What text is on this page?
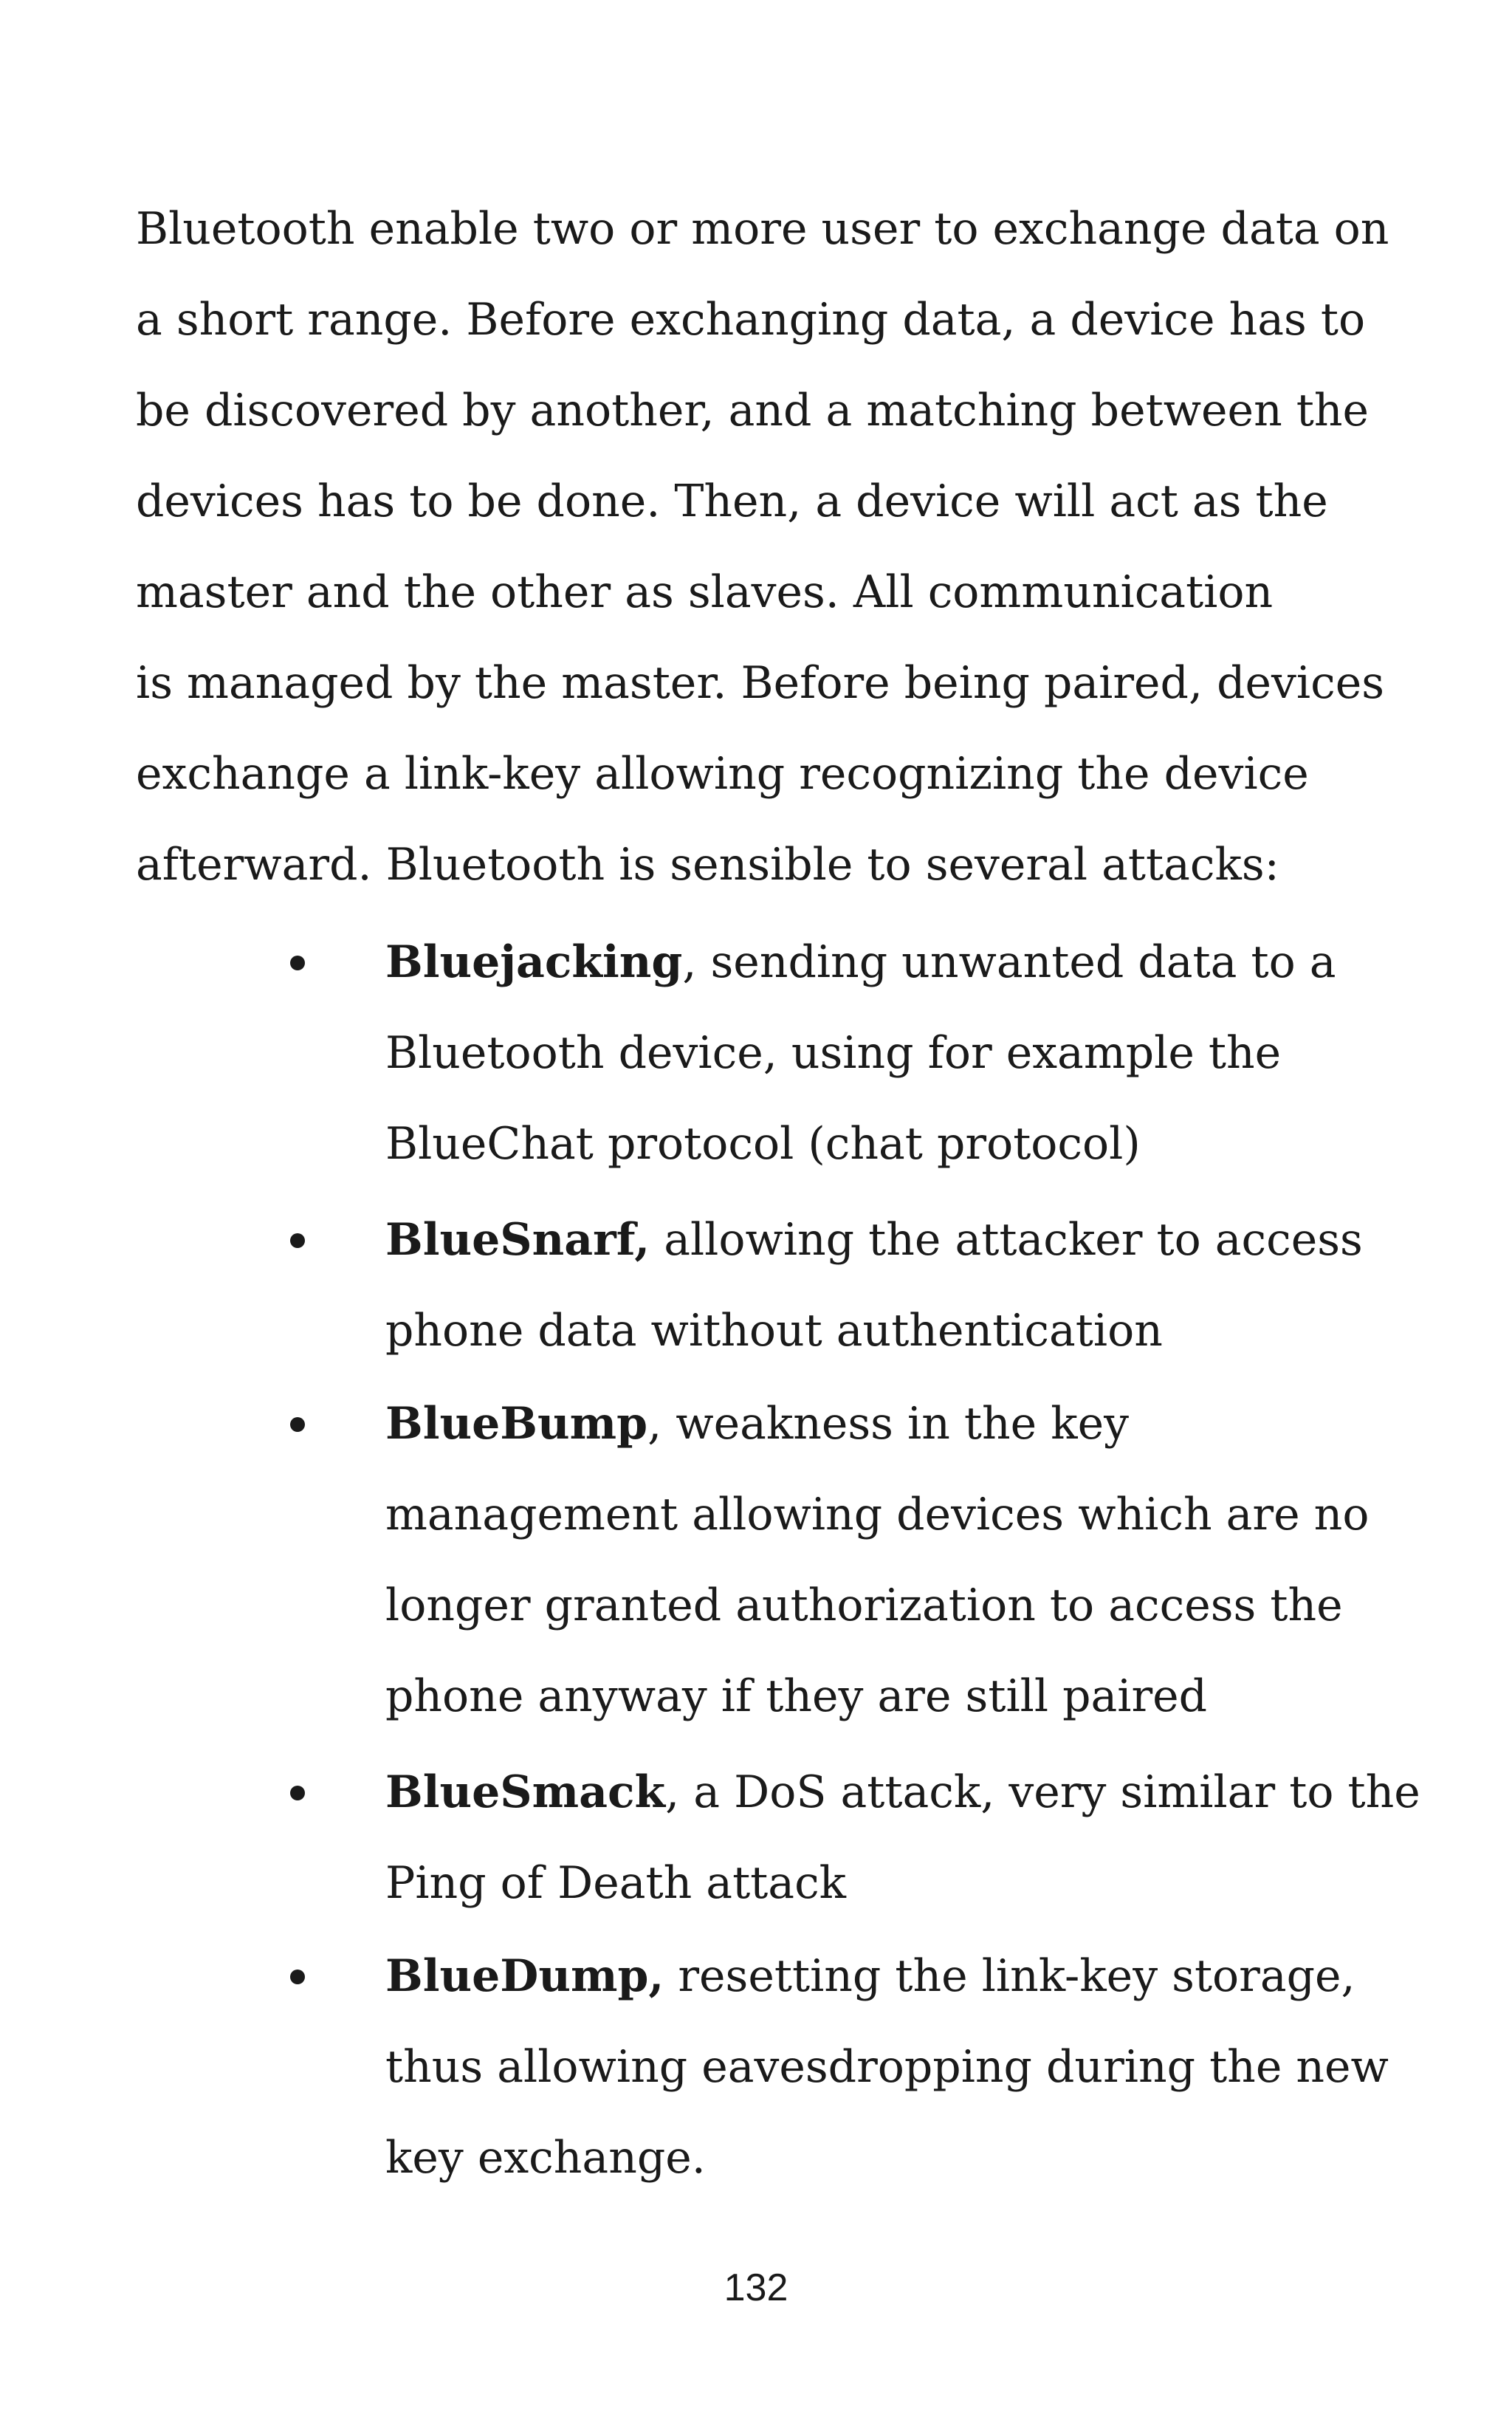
Bluetooth enable two or more user to exchange data on
a short range. Before exchanging data, a device has to
be discovered by another, and a matching between the
devices has to be done. Then, a device will act as the
master and the other as slaves. All communication
is managed by the master. Before being paired, devices
exchange a link-key allowing recognizing the device
afterward. Bluetooth is sensible to several attacks:
Bluejacking, sending unwanted data to a
Bluetooth device, using for example the
BlueChat protocol (chat protocol)
BlueSnarf, allowing the attacker to access
phone data without authentication
BlueBump, weakness in the key
management allowing devices which are no
longer granted authorization to access the
phone anyway if they are still paired
BlueSmack, a DoS attack, very similar to the
Ping of Death attack
BlueDump, resetting the link-key storage,
thus allowing eavesdropping during the new
key exchange.
132
